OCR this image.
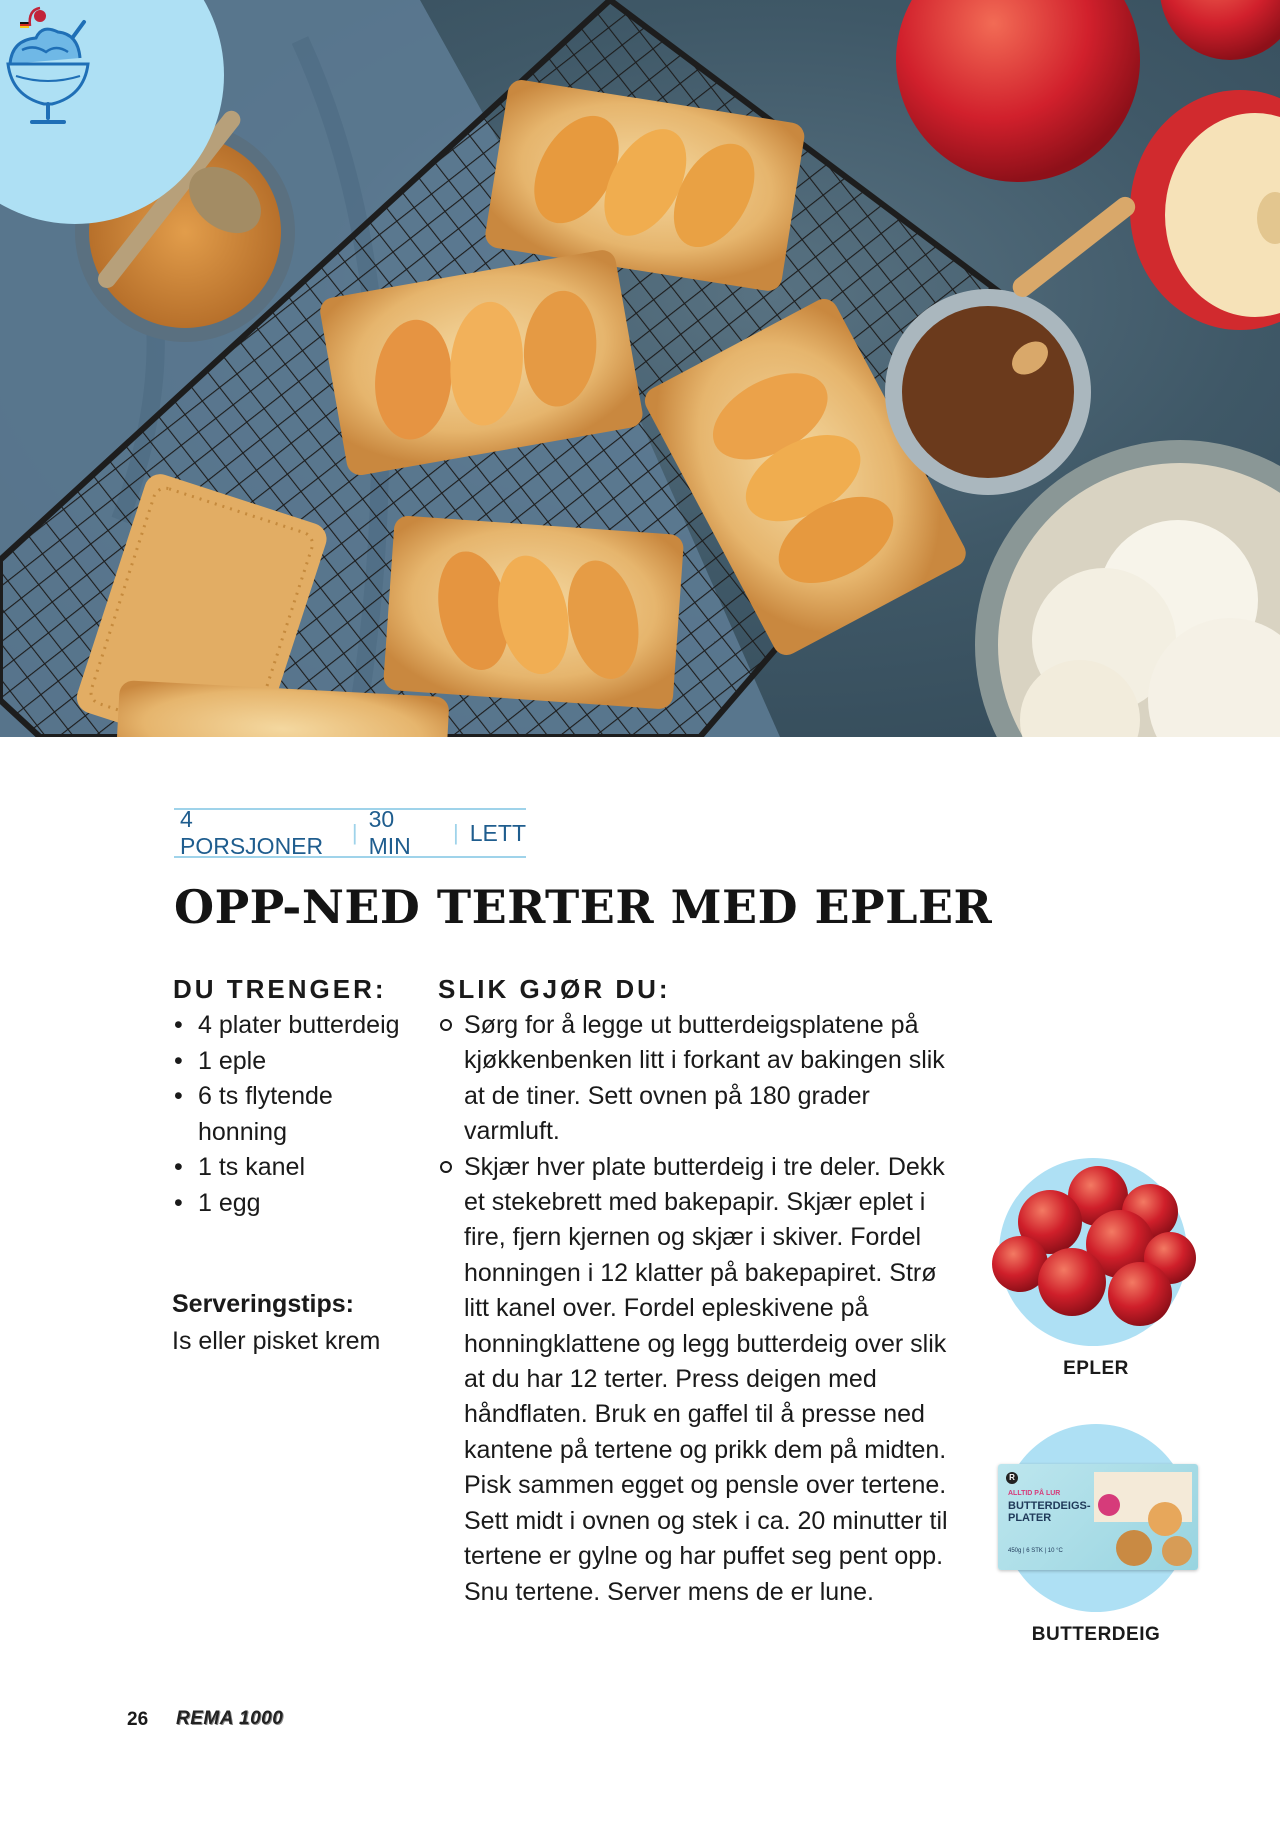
4 PORSJONER
|
30 MIN
| LETT
OPP-NED TERTER MED EPLER
DU TRENGER:
• 4 plater butterdeig
• 1 eple
• 6 ts flytende honning
• 1 ts kanel
• 1 egg

Serveringstips:

Is eller pisket krem

SLIK GJØR DU:
Sørg for å legge ut butterdeigsplatene på kjøkkenbenken litt i forkant av bakingen slik at de tiner. Sett ovnen på 180 grader varmluft.
Skjær hver plate butterdeig i tre deler. Dekk et stekebrett med bakepapir. Skjær eplet i fire, fjern kjernen og skjær i skiver. Fordel honningen i 12 klatter på bakepapiret. Strø litt kanel over. Fordel epleskivene på honningklattene og legg butterdeig over slik at du har 12 terter. Press deigen med håndflaten. Bruk en gaffel til å presse ned kantene på tertene og prikk dem på midten. Pisk sammen egget og pensle over tertene. Sett midt i ovnen og stek i ca. 20 minutter til tertene er gylne og har puffet seg pent opp. Snu tertene. Server mens de er lune.

EPLER

R
ALLTID PÅ LUR
BUTTERDEIGS-PLATER
450g | 6 STK | 10 °C

BUTTERDEIG

26 REMA 1000
